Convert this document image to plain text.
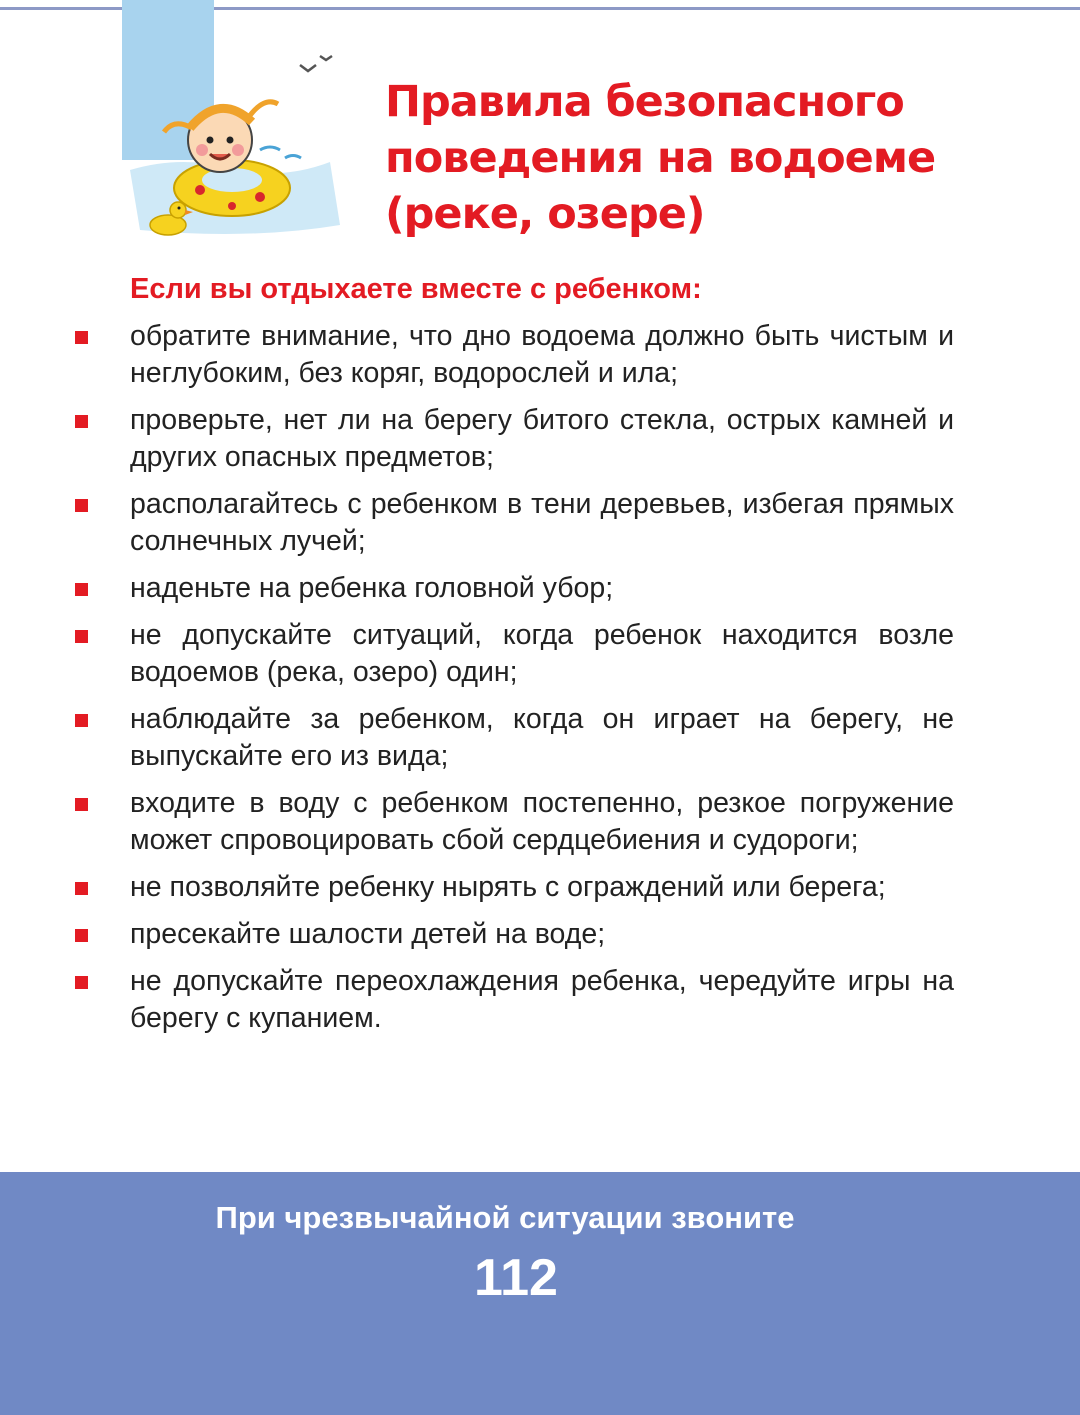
Правила безопасного
поведения на водоеме
(реке, озере)

Если вы отдыхаете вместе с ребенком:

обратите внимание, что дно водоема должно быть чистым и неглубоким, без коряг, водорослей и ила;
проверьте, нет ли на берегу битого стекла, острых камней и других опасных предметов;
располагайтесь с ребенком в тени деревьев, избегая прямых солнечных лучей;
наденьте на ребенка головной убор;
не допускайте ситуаций, когда ребенок находится возле водоемов (река, озеро) один;
наблюдайте за ребенком, когда он играет на берегу, не выпускайте его из вида;
входите в воду с ребенком постепенно, резкое погружение может спровоцировать сбой сердцебиения и судороги;
не позволяйте ребенку нырять с ограждений или берега;
пресекайте шалости детей на воде;
не допускайте переохлаждения ребенка, чередуйте игры на берегу с купанием.
При чрезвычайной ситуации звоните
112
